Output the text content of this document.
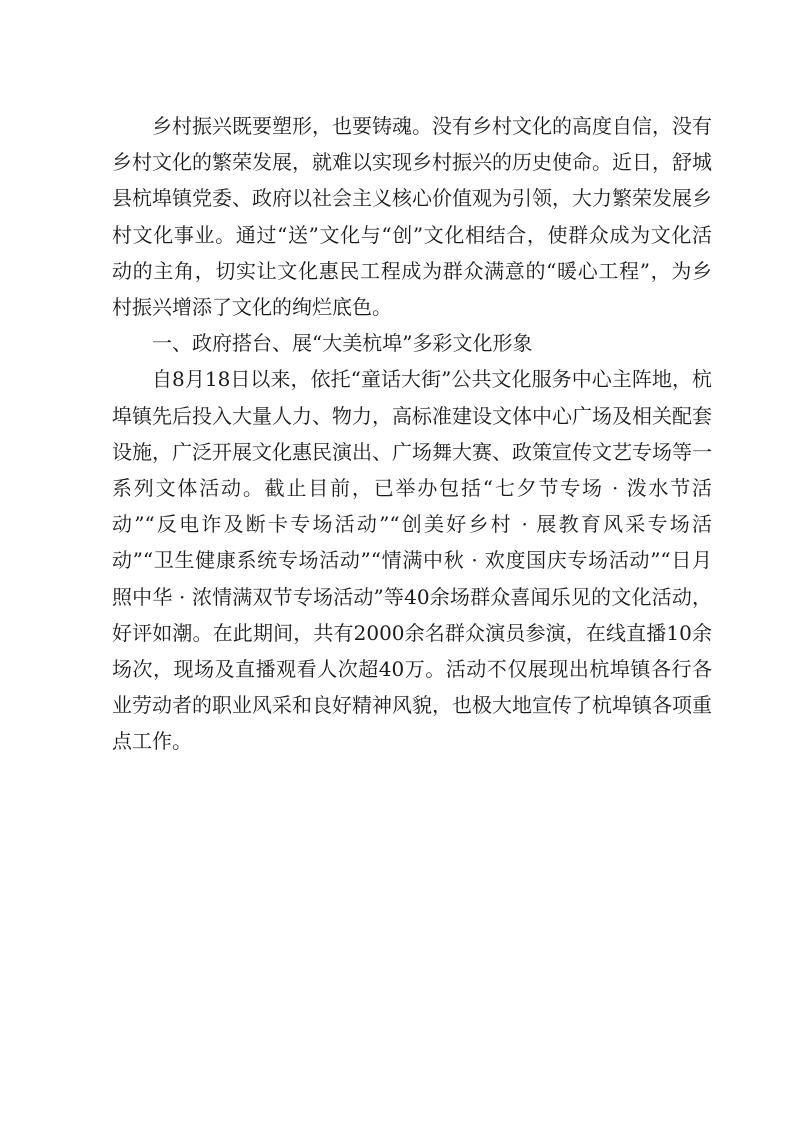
乡村振兴既要塑形，也要铸魂。没有乡村文化的高度自信，没有乡村文化的繁荣发展，就难以实现乡村振兴的历史使命。近日，舒城县杭埠镇党委、政府以社会主义核心价值观为引领，大力繁荣发展乡村文化事业。通过“送”文化与“创”文化相结合，使群众成为文化活动的主角，切实让文化惠民工程成为群众满意的“暖心工程”，为乡村振兴增添了文化的绚烂底色。

一、政府搭台、展“大美杭埠”多彩文化形象

自8月18日以来，依托“童话大街”公共文化服务中心主阵地，杭埠镇先后投入大量人力、物力，高标准建设文体中心广场及相关配套设施，广泛开展文化惠民演出、广场舞大赛、政策宣传文艺专场等一系列文体活动。截止目前，已举办包括“七夕节专场 · 泼水节活动”“反电诈及断卡专场活动”“创美好乡村 · 展教育风采专场活动”“卫生健康系统专场活动”“情满中秋 · 欢度国庆专场活动”“日月照中华 · 浓情满双节专场活动”等40余场群众喜闻乐见的文化活动，好评如潮。在此期间，共有2000余名群众演员参演，在线直播10余场次，现场及直播观看人次超40万。活动不仅展现出杭埠镇各行各业劳动者的职业风采和良好精神风貌，也极大地宣传了杭埠镇各项重点工作。
